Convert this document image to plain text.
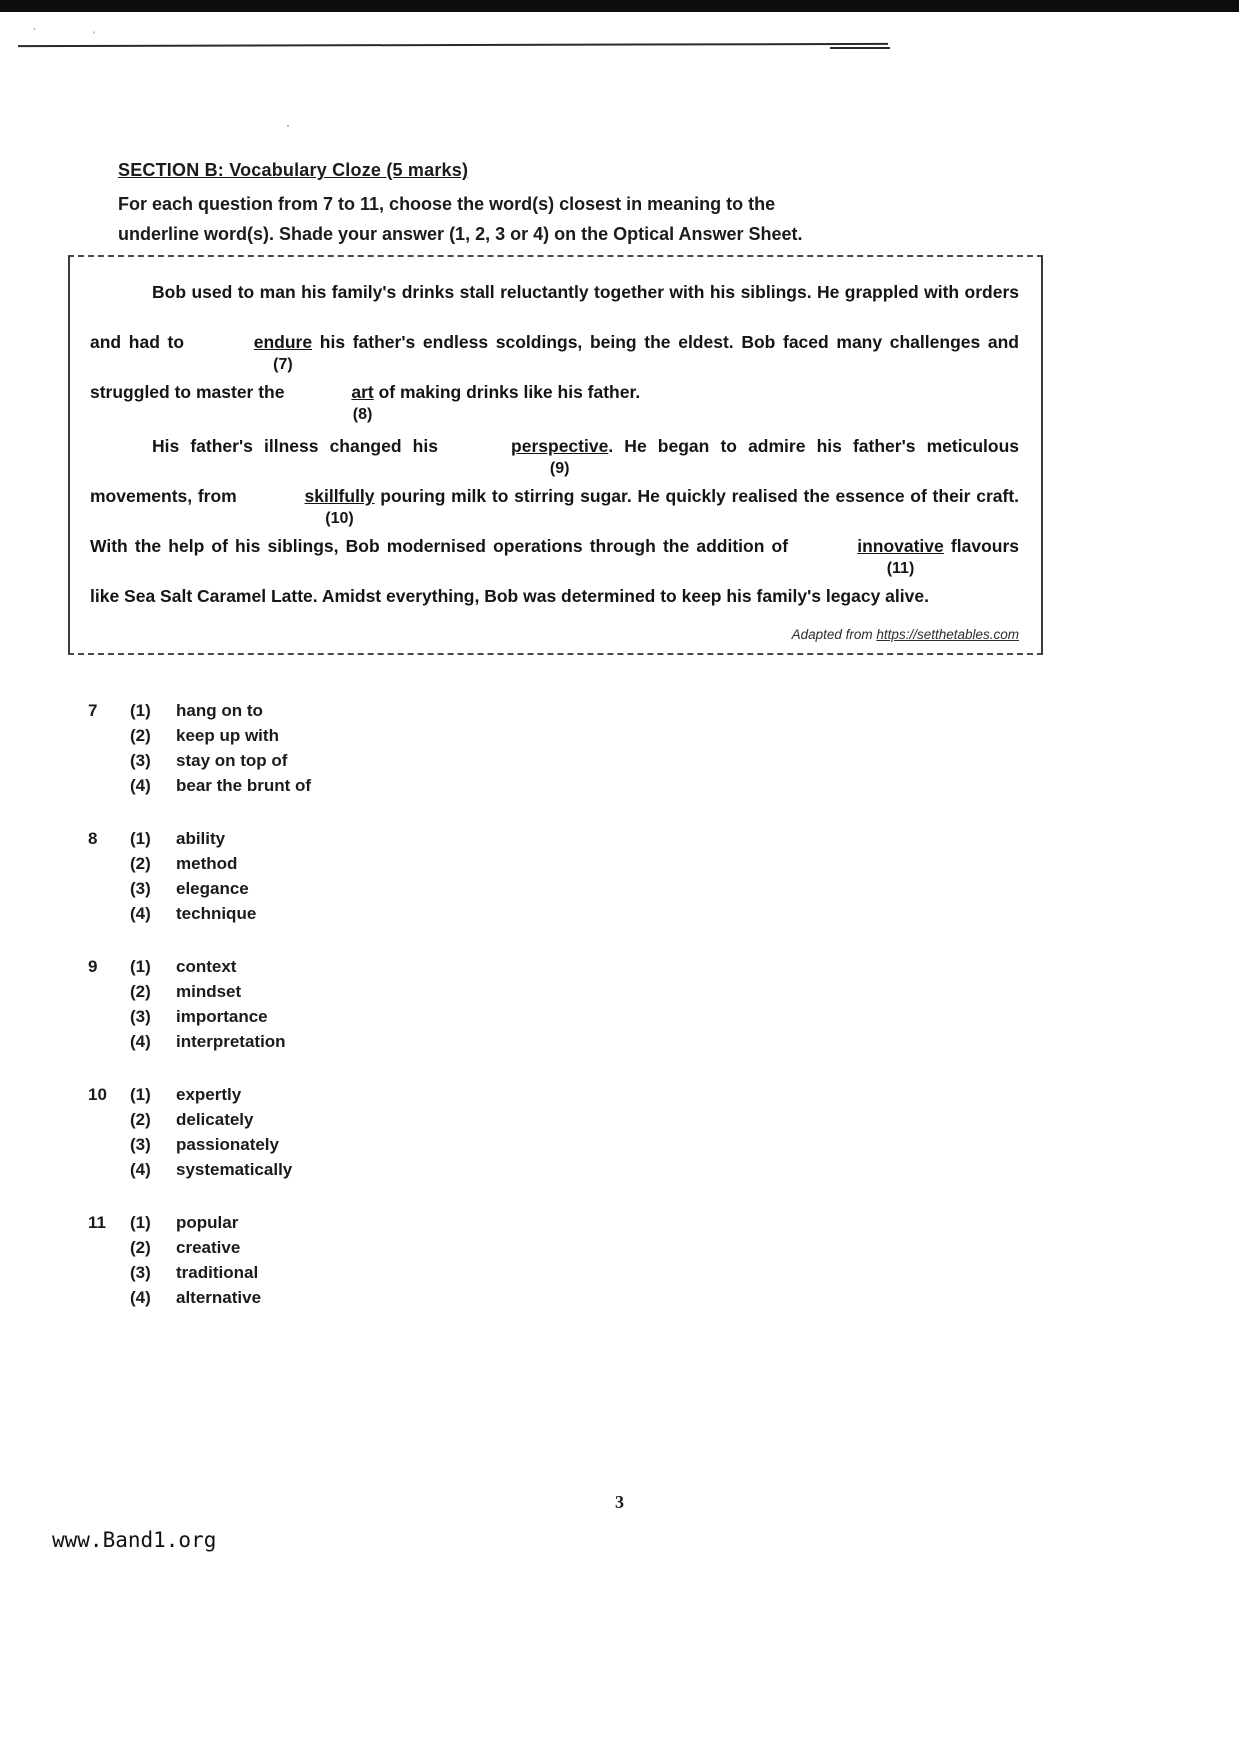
˙	˒
·
SECTION B: Vocabulary Cloze (5 marks)
For each question from 7 to 11, choose the word(s) closest in meaning to the
underline word(s). Shade your answer (1, 2, 3 or 4) on the Optical Answer Sheet.

Bob used to man his family's drinks stall reluctantly together with his siblings. He grappled with orders and had to	endure
(7)
his father's endless scoldings, being the eldest. Bob faced many challenges and struggled to master the	art
(8)
of making drinks like his father.

His father's illness changed his	perspective
(9)
. He began to admire his father's meticulous movements, from	skillfully
(10)
pouring milk to stirring sugar. He quickly realised the essence of their craft. With the help of his siblings, Bob modernised operations through the addition of	innovative
(11)
flavours like Sea Salt Caramel Latte. Amidst everything, Bob was determined to keep his family's legacy alive.

Adapted from https://setthetables.com
7	(1)	hang on to
(2)	keep up with
(3)	stay on top of
(4)	bear the brunt of
8	(1)	ability
(2)	method
(3)	elegance
(4)	technique
9	(1)	context
(2)	mindset
(3)	importance
(4)	interpretation
10	(1)	expertly
(2)	delicately
(3)	passionately
(4)	systematically
11	(1)	popular
(2)	creative
(3)	traditional
(4)	alternative
3
www.Band1.org
